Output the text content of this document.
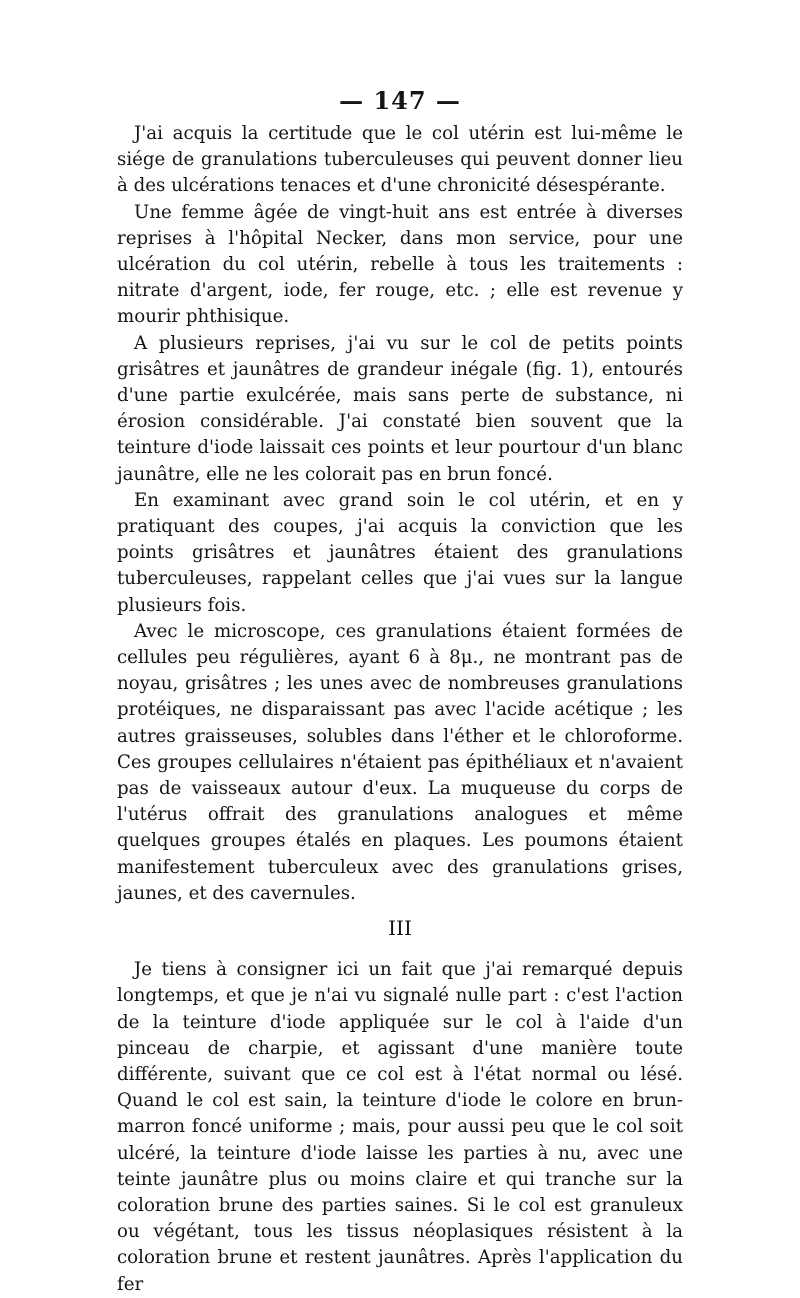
— 147 —

J'ai acquis la certitude que le col utérin est lui-même le siége de granulations tuberculeuses qui peuvent donner lieu à des ulcérations tenaces et d'une chronicité désespérante.

Une femme âgée de vingt-huit ans est entrée à diverses reprises à l'hôpital Necker, dans mon service, pour une ulcération du col utérin, rebelle à tous les traitements : nitrate d'argent, iode, fer rouge, etc. ; elle est revenue y mourir phthisique.

A plusieurs reprises, j'ai vu sur le col de petits points grisâtres et jaunâtres de grandeur inégale (fig. 1), entourés d'une partie exulcérée, mais sans perte de substance, ni érosion considérable. J'ai constaté bien souvent que la teinture d'iode laissait ces points et leur pourtour d'un blanc jaunâtre, elle ne les colorait pas en brun foncé.

En examinant avec grand soin le col utérin, et en y pratiquant des coupes, j'ai acquis la conviction que les points grisâtres et jaunâtres étaient des granulations tuberculeuses, rappelant celles que j'ai vues sur la langue plusieurs fois.

Avec le microscope, ces granulations étaient formées de cellules peu régulières, ayant 6 à 8μ., ne montrant pas de noyau, grisâtres ; les unes avec de nombreuses granulations protéiques, ne disparaissant pas avec l'acide acétique ; les autres graisseuses, solubles dans l'éther et le chloroforme. Ces groupes cellulaires n'étaient pas épithéliaux et n'avaient pas de vaisseaux autour d'eux. La muqueuse du corps de l'utérus offrait des granulations analogues et même quelques groupes étalés en plaques. Les poumons étaient manifestement tuberculeux avec des granulations grises, jaunes, et des cavernules.

III

Je tiens à consigner ici un fait que j'ai remarqué depuis longtemps, et que je n'ai vu signalé nulle part : c'est l'action de la teinture d'iode appliquée sur le col à l'aide d'un pinceau de charpie, et agissant d'une manière toute différente, suivant que ce col est à l'état normal ou lésé. Quand le col est sain, la teinture d'iode le colore en brun-marron foncé uniforme ; mais, pour aussi peu que le col soit ulcéré, la teinture d'iode laisse les parties à nu, avec une teinte jaunâtre plus ou moins claire et qui tranche sur la coloration brune des parties saines. Si le col est granuleux ou végétant, tous les tissus néoplasiques résistent à la coloration brune et restent jaunâtres. Après l'application du fer
